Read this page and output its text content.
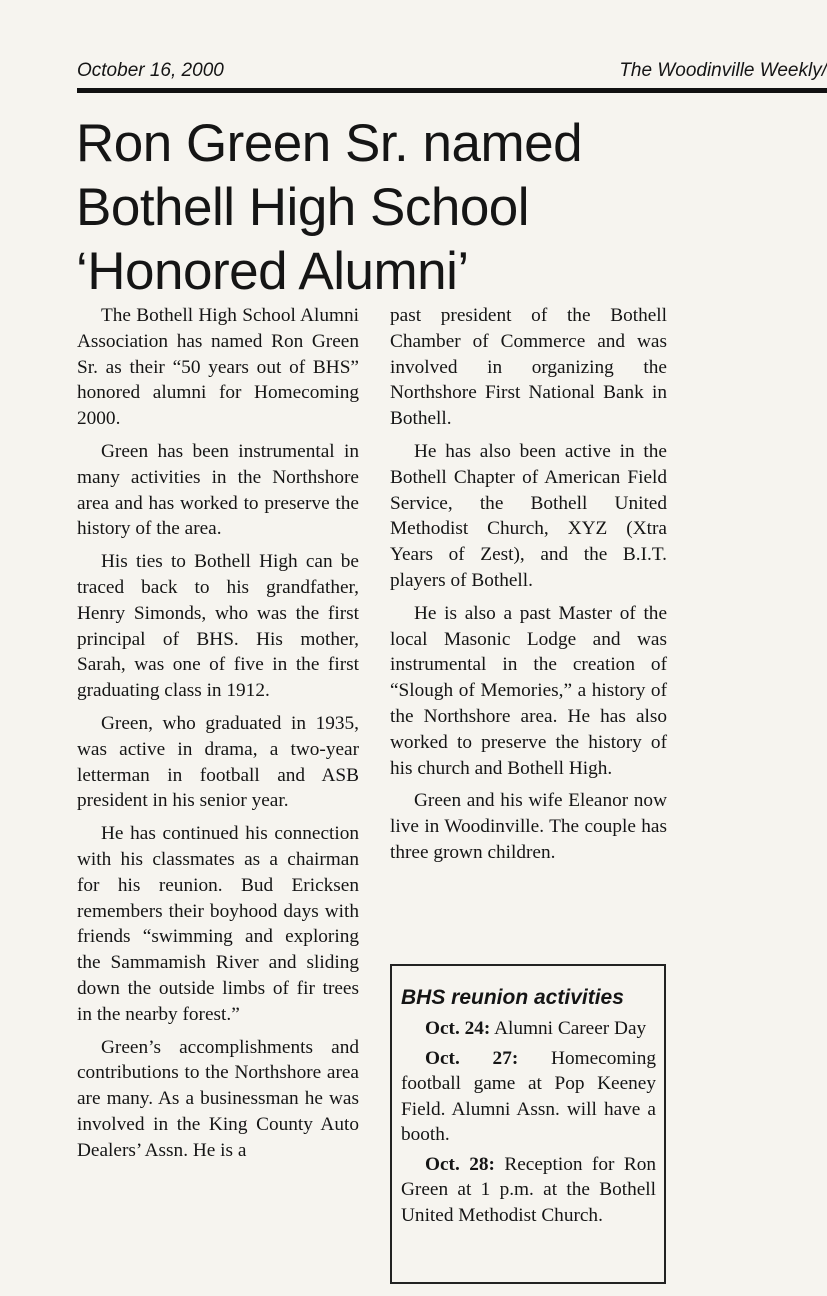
October 16, 2000	The Woodinville Weekly/
Ron Green Sr. named
Bothell High School
‘Honored Alumni’

The Bothell High School Alumni Association has named Ron Green Sr. as their “50 years out of BHS” honored alumni for Homecoming 2000.

Green has been instrumental in many activities in the Northshore area and has worked to preserve the history of the area.

His ties to Bothell High can be traced back to his grandfather, Henry Simonds, who was the first principal of BHS. His mother, Sarah, was one of five in the first graduating class in 1912.

Green, who graduated in 1935, was active in drama, a two-year letterman in football and ASB president in his senior year.

He has continued his connection with his classmates as a chairman for his reunion. Bud Ericksen remembers their boyhood days with friends “swimming and exploring the Sammamish River and sliding down the outside limbs of fir trees in the nearby forest.”

Green’s accomplishments and contributions to the Northshore area are many. As a businessman he was involved in the King County Auto Dealers’ Assn. He is a

past president of the Bothell Chamber of Commerce and was involved in organizing the Northshore First National Bank in Bothell.

He has also been active in the Bothell Chapter of American Field Service, the Bothell United Methodist Church, XYZ (Xtra Years of Zest), and the B.I.T. players of Bothell.

He is also a past Master of the local Masonic Lodge and was instrumental in the creation of “Slough of Memories,” a history of the Northshore area. He has also worked to preserve the history of his church and Bothell High.

Green and his wife Eleanor now live in Woodinville. The couple has three grown children.

BHS reunion activities
Oct. 24: Alumni Career Day
Oct. 27: Homecoming football game at Pop Keeney Field. Alumni Assn. will have a booth.
Oct. 28: Reception for Ron Green at 1 p.m. at the Bothell United Methodist Church.
